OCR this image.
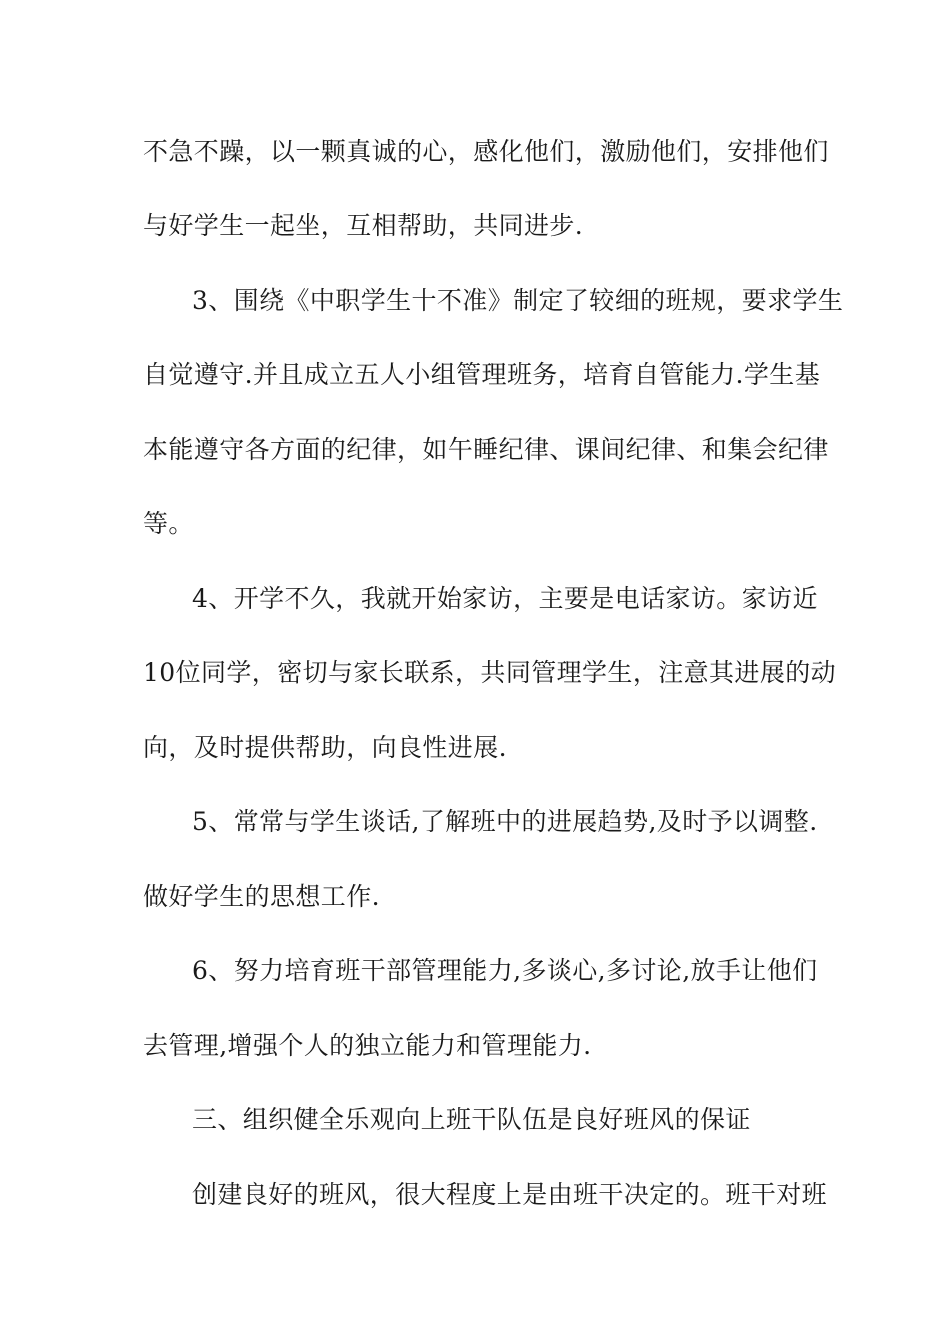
不急不躁，以一颗真诚的心，感化他们，激励他们，安排他们
与好学生一起坐，互相帮助，共同进步.
3、围绕《中职学生十不准》制定了较细的班规，要求学生
自觉遵守.并且成立五人小组管理班务，培育自管能力.学生基
本能遵守各方面的纪律，如午睡纪律、课间纪律、和集会纪律
等。
4、开学不久，我就开始家访，主要是电话家访。家访近
10位同学，密切与家长联系，共同管理学生，注意其进展的动
向，及时提供帮助，向良性进展.
5、常常与学生谈话,了解班中的进展趋势,及时予以调整.
做好学生的思想工作.
6、努力培育班干部管理能力,多谈心,多讨论,放手让他们
去管理,增强个人的独立能力和管理能力.
三、组织健全乐观向上班干队伍是良好班风的保证
创建良好的班风，很大程度上是由班干决定的。班干对班
